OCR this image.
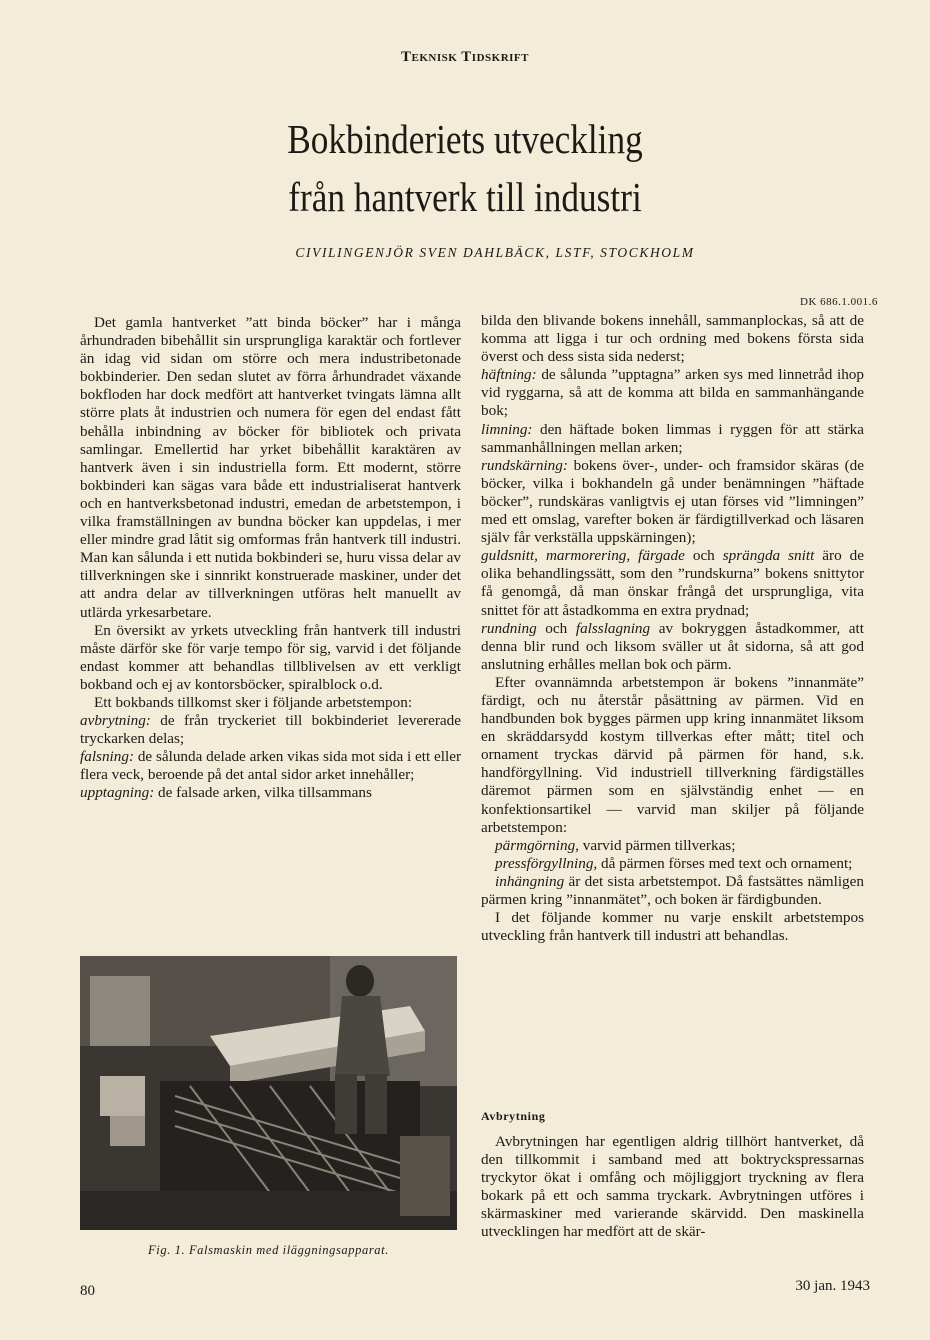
Teknisk Tidskrift

Bokbinderiets utveckling
från hantverk till industri
CIVILINGENJÖR SVEN DAHLBÄCK, LSTF, STOCKHOLM
DK 686.1.001.6

Det gamla hantverket ”att binda böcker” har i många århundraden bibehållit sin ursprungliga karaktär och fortlever än idag vid sidan om större och mera industribetonade bokbinderier. Den sedan slutet av förra århundradet växande bokfloden har dock medfört att hantverket tvingats lämna allt större plats åt industrien och numera för egen del endast fått behålla inbindning av böcker för bibliotek och privata samlingar. Emellertid har yrket bibehållit karaktären av hantverk även i sin industriella form. Ett modernt, större bokbinderi kan sägas vara både ett industrialiserat hantverk och en hantverksbetonad industri, emedan de arbetstempon, i vilka framställningen av bundna böcker kan uppdelas, i mer eller mindre grad låtit sig omformas från hantverk till industri. Man kan sålunda i ett nutida bokbinderi se, huru vissa delar av tillverkningen ske i sinnrikt konstruerade maskiner, under det att andra delar av tillverkningen utföras helt manuellt av utlärda yrkesarbetare.

En översikt av yrkets utveckling från hantverk till industri måste därför ske för varje tempo för sig, varvid i det följande endast kommer att behandlas tillblivelsen av ett verkligt bokband och ej av kontorsböcker, spiralblock o.d.

Ett bokbands tillkomst sker i följande arbetstempon:

avbrytning: de från tryckeriet till bokbinderiet levererade tryckarken delas;

falsning: de sålunda delade arken vikas sida mot sida i ett eller flera veck, beroende på det antal sidor arket innehåller;

upptagning: de falsade arken, vilka tillsammans

Fig. 1. Falsmaskin med iläggningsapparat.

bilda den blivande bokens innehåll, sammanplockas, så att de komma att ligga i tur och ordning med bokens första sida överst och dess sista sida nederst;

häftning: de sålunda ”upptagna” arken sys med linnetråd ihop vid ryggarna, så att de komma att bilda en sammanhängande bok;

limning: den häftade boken limmas i ryggen för att stärka sammanhållningen mellan arken;

rundskärning: bokens över-, under- och framsidor skäras (de böcker, vilka i bokhandeln gå under benämningen ”häftade böcker”, rundskäras vanligtvis ej utan förses vid ”limningen” med ett omslag, varefter boken är färdigtillverkad och läsaren själv får verkställa uppskärningen);

guldsnitt, marmorering, färgade och sprängda snitt äro de olika behandlingssätt, som den ”rundskurna” bokens snittytor få genomgå, då man önskar frångå det ursprungliga, vita snittet för att åstadkomma en extra prydnad;

rundning och falsslagning av bokryggen åstadkommer, att denna blir rund och liksom sväller ut åt sidorna, så att god anslutning erhålles mellan bok och pärm.

Efter ovannämnda arbetstempon är bokens ”innanmäte” färdigt, och nu återstår påsättning av pärmen. Vid en handbunden bok bygges pärmen upp kring innanmätet liksom en skräddarsydd kostym tillverkas efter mått; titel och ornament tryckas därvid på pärmen för hand, s.k. handförgyllning. Vid industriell tillverkning färdigställes däremot pärmen som en självständig enhet — en konfektionsartikel — varvid man skiljer på följande arbetstempon:

pärmgörning, varvid pärmen tillverkas;

pressförgyllning, då pärmen förses med text och ornament;

inhängning är det sista arbetstempot. Då fastsättes nämligen pärmen kring ”innanmätet”, och boken är färdigbunden.

I det följande kommer nu varje enskilt arbetstempos utveckling från hantverk till industri att behandlas.

Avbrytning

Avbrytningen har egentligen aldrig tillhört hantverket, då den tillkommit i samband med att boktryckspressarnas tryckytor ökat i omfång och möjliggjort tryckning av flera bokark på ett och samma tryckark. Avbrytningen utföres i skärmaskiner med varierande skärvidd. Den maskinella utvecklingen har medfört att de skär-

80	30 jan. 1943
